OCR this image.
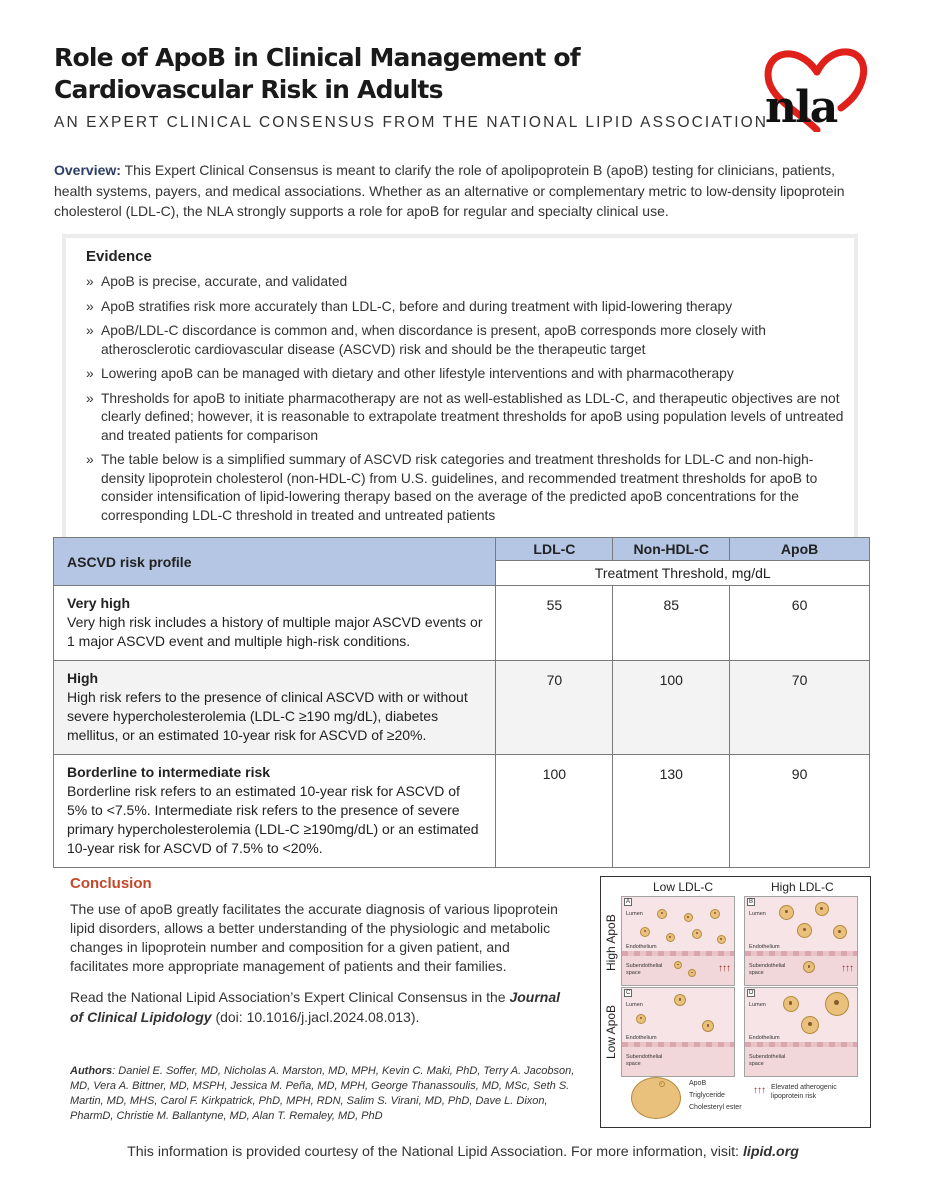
Role of ApoB in Clinical Management of Cardiovascular Risk in Adults
AN EXPERT CLINICAL CONSENSUS FROM THE NATIONAL LIPID ASSOCIATION
nla

Overview: This Expert Clinical Consensus is meant to clarify the role of apolipoprotein B (apoB) testing for clinicians, patients, health systems, payers, and medical associations. Whether as an alternative or complementary metric to low-density lipoprotein cholesterol (LDL-C), the NLA strongly supports a role for apoB for regular and specialty clinical use.

Evidence
» ApoB is precise, accurate, and validated
» ApoB stratifies risk more accurately than LDL-C, before and during treatment with lipid-lowering therapy
» ApoB/LDL-C discordance is common and, when discordance is present, apoB corresponds more closely with atherosclerotic cardiovascular disease (ASCVD) risk and should be the therapeutic target
» Lowering apoB can be managed with dietary and other lifestyle interventions and with pharmacotherapy
» Thresholds for apoB to initiate pharmacotherapy are not as well-established as LDL-C, and therapeutic objectives are not clearly defined; however, it is reasonable to extrapolate treatment thresholds for apoB using population levels of untreated and treated patients for comparison
» The table below is a simplified summary of ASCVD risk categories and treatment thresholds for LDL-C and non-high-density lipoprotein cholesterol (non-HDL-C) from U.S. guidelines, and recommended treatment thresholds for apoB to consider intensification of lipid-lowering therapy based on the average of the predicted apoB concentrations for the corresponding LDL-C threshold in treated and untreated patients
ASCVD risk profile	LDL-C	Non-HDL-C	ApoB
	Treatment Threshold, mg/dL		

Very high
Very high risk includes a history of multiple major ASCVD events or 1 major ASCVD event and multiple high-risk conditions.	55	85	60

High
High risk refers to the presence of clinical ASCVD with or without severe hypercholesterolemia (LDL-C ≥190 mg/dL), diabetes mellitus, or an estimated 10-year risk for ASCVD of ≥20%.	70	100	70

Borderline to intermediate risk
Borderline risk refers to an estimated 10-year risk for ASCVD of 5% to <7.5%. Intermediate risk refers to the presence of severe primary hypercholesterolemia (LDL-C ≥190mg/dL) or an estimated 10-year risk for ASCVD of 7.5% to <20%.	100	130	90
Conclusion

The use of apoB greatly facilitates the accurate diagnosis of various lipoprotein lipid disorders, allows a better understanding of the physiologic and metabolic changes in lipoprotein number and composition for a given patient, and facilitates more appropriate management of patients and their families.

Read the National Lipid Association’s Expert Clinical Consensus in the Journal of Clinical Lipidology (doi: 10.1016/j.jacl.2024.08.013).

Low LDL-C	High LDL-C
High ApoB
Low ApoB
A
Lumen
Endothelium
Subendothelial
space	↑↑↑
B
Lumen
Endothelium
Subendothelial
space	↑↑↑
C
Lumen
Endothelium
Subendothelial
space
D
Lumen
Endothelium
Subendothelial
space
ApoB
Triglyceride
Cholesteryl ester
↑↑↑ Elevated atherogenic
lipoprotein risk

Authors: Daniel E. Soffer, MD, Nicholas A. Marston, MD, MPH, Kevin C. Maki, PhD, Terry A. Jacobson, MD, Vera A. Bittner, MD, MSPH, Jessica M. Peña, MD, MPH, George Thanassoulis, MD, MSc, Seth S. Martin, MD, MHS, Carol F. Kirkpatrick, PhD, MPH, RDN, Salim S. Virani, MD, PhD, Dave L. Dixon, PharmD, Christie M. Ballantyne, MD, Alan T. Remaley, MD, PhD

This information is provided courtesy of the National Lipid Association. For more information, visit: lipid.org
